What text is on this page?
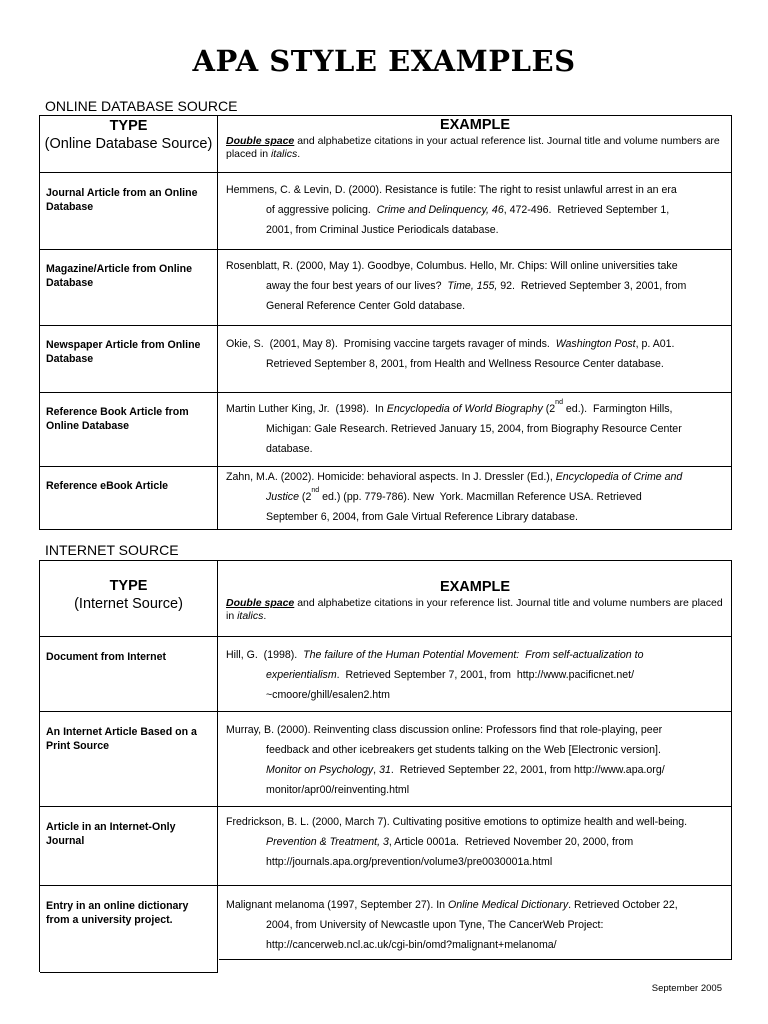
APA STYLE EXAMPLES
ONLINE DATABASE SOURCE
TYPE
(Online Database Source)
EXAMPLE
Double space and alphabetize citations in your actual reference list. Journal title and volume numbers are placed in italics.
Journal Article from an Online Database
Hemmens, C. & Levin, D. (2000). Resistance is futile: The right to resist unlawful arrest in an era
of aggressive policing.  Crime and Delinquency, 46, 472-496.  Retrieved September 1,
2001, from Criminal Justice Periodicals database.
Magazine/Article from Online Database
Rosenblatt, R. (2000, May 1). Goodbye, Columbus. Hello, Mr. Chips: Will online universities take
away the four best years of our lives?  Time, 155, 92.  Retrieved September 3, 2001, from
General Reference Center Gold database.
Newspaper Article from Online Database
Okie, S.  (2001, May 8).  Promising vaccine targets ravager of minds.  Washington Post, p. A01.
Retrieved September 8, 2001, from Health and Wellness Resource Center database.
Reference Book Article from Online Database
Martin Luther King, Jr.  (1998).  In Encyclopedia of World Biography (2nd ed.).  Farmington Hills,
Michigan: Gale Research. Retrieved January 15, 2004, from Biography Resource Center
database.
Reference eBook Article
Zahn, M.A. (2002). Homicide: behavioral aspects. In J. Dressler (Ed.), Encyclopedia of Crime and
Justice (2nd ed.) (pp. 779-786). New  York. Macmillan Reference USA. Retrieved
September 6, 2004, from Gale Virtual Reference Library database.
INTERNET SOURCE
TYPE
(Internet Source)
EXAMPLE
Double space and alphabetize citations in your reference list. Journal title and volume numbers are placed in italics.
Document from Internet	Hill, G.  (1998).  The failure of the Human Potential Movement:  From self-actualization to
experientialism.  Retrieved September 7, 2001, from  http://www.pacificnet.net/
~cmoore/ghill/esalen2.htm
An Internet Article Based on a Print Source
Murray, B. (2000). Reinventing class discussion online: Professors find that role-playing, peer
feedback and other icebreakers get students talking on the Web [Electronic version].
Monitor on Psychology, 31.  Retrieved September 22, 2001, from http://www.apa.org/
monitor/apr00/reinventing.html
Article in an Internet-Only Journal
Fredrickson, B. L. (2000, March 7). Cultivating positive emotions to optimize health and well-being.
Prevention & Treatment, 3, Article 0001a.  Retrieved November 20, 2000, from
http://journals.apa.org/prevention/volume3/pre0030001a.html
Entry in an online dictionary from a university project.
Malignant melanoma (1997, September 27). In Online Medical Dictionary. Retrieved October 22,
2004, from University of Newcastle upon Tyne, The CancerWeb Project:
http://cancerweb.ncl.ac.uk/cgi-bin/omd?malignant+melanoma/
September 2005
